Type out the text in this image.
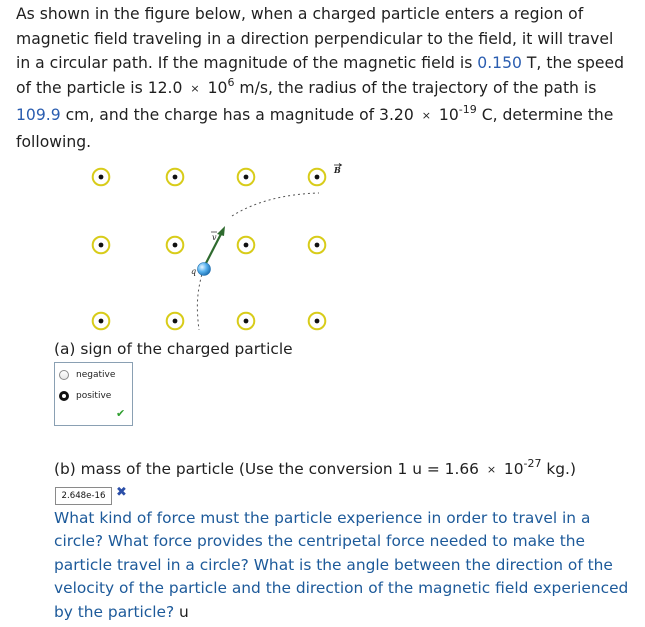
As shown in the figure below, when a charged particle enters a region of magnetic field traveling in a direction perpendicular to the field, it will travel in a circular path. If the magnitude of the magnetic field is 0.150 T, the speed of the particle is $12.0 \times 10^6$ m/s, the radius of the trajectory of the path is 109.9 cm, and the charge has a magnitude of $3.20 \times 10^{-19}$ C, determine the following.
B
v
q
(a) sign of the charged particle
negative
positive
✔
(b) mass of the particle (Use the conversion 1 $u = 1.66 \times 10^{-27}$ kg.)
2.648e-16 ✖
What kind of force must the particle experience in order to travel in a circle? What force provides the centripetal force needed to make the particle travel in a circle? What is the angle between the direction of the velocity of the particle and the direction of the magnetic field experienced by the particle? u
